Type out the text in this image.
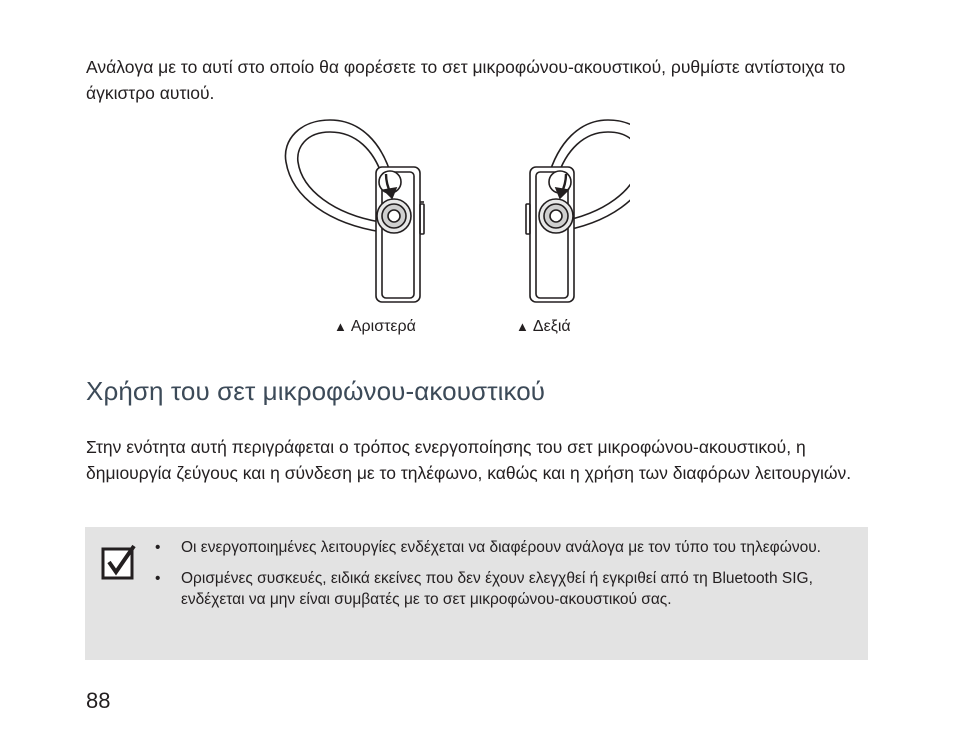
Ανάλογα με το αυτί στο οποίο θα φορέσετε το σετ μικροφώνου-ακουστικού, ρυθμίστε αντίστοιχα το άγκιστρο αυτιού.

▲ Αριστερά	▲ Δεξιά
Χρήση του σετ μικροφώνου-ακουστικού

Στην ενότητα αυτή περιγράφεται ο τρόπος ενεργοποίησης του σετ μικροφώνου-ακουστικού, η δημιουργία ζεύγους και η σύνδεση με το τηλέφωνο, καθώς και η χρήση των διαφόρων λειτουργιών.

• Οι ενεργοποιημένες λειτουργίες ενδέχεται να διαφέρουν ανάλογα με τον τύπο του τηλεφώνου.
• Ορισμένες συσκευές, ειδικά εκείνες που δεν έχουν ελεγχθεί ή εγκριθεί από τη Bluetooth SIG, ενδέχεται να μην είναι συμβατές με το σετ μικροφώνου-ακουστικού σας.
88
